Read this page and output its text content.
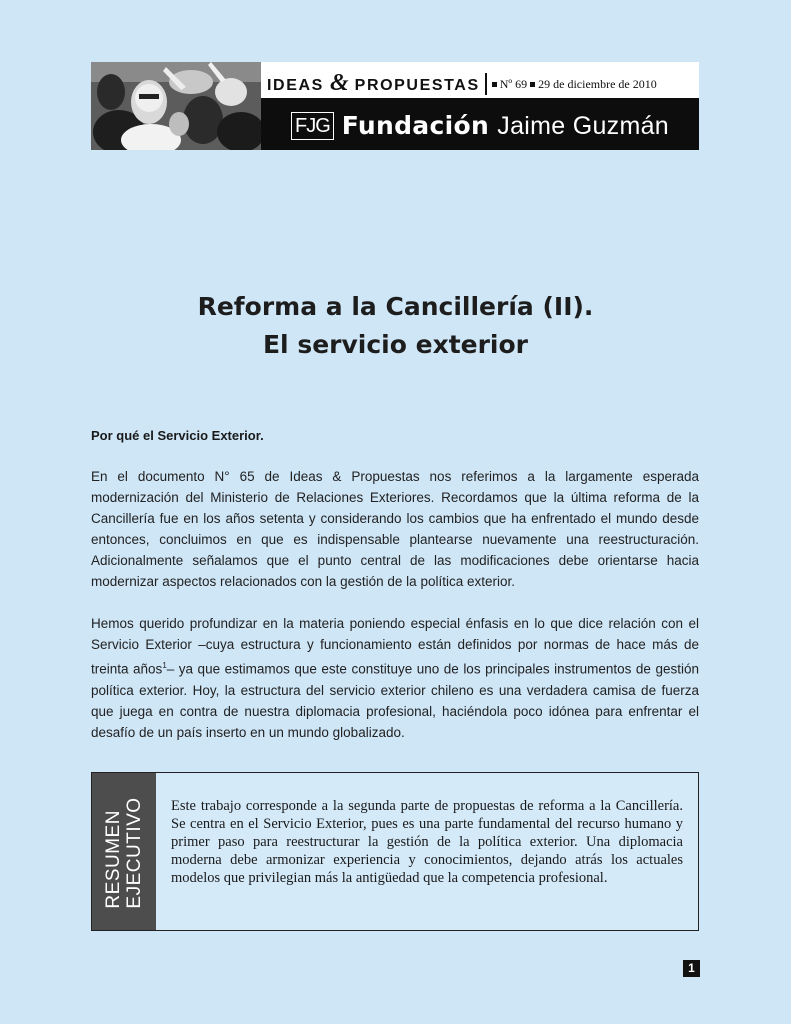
IDEAS & PROPUESTAS	Nº 69 29 de diciembre de 2010
FJG Fundación Jaime Guzmán
Reforma a la Cancillería (II).
El servicio exterior

Por qué el Servicio Exterior.

En el documento N° 65 de Ideas & Propuestas nos referimos a la largamente esperada modernización del Ministerio de Relaciones Exteriores. Recordamos que la última reforma de la Cancillería fue en los años setenta y considerando los cambios que ha enfrentado el mundo desde entonces, concluimos en que es indispensable plantearse nuevamente una reestructuración. Adicionalmente señalamos que el punto central de las modificaciones debe orientarse hacia modernizar aspectos relacionados con la gestión de la política exterior.

Hemos querido profundizar en la materia poniendo especial énfasis en lo que dice relación con el Servicio Exterior –cuya estructura y funcionamiento están definidos por normas de hace más de treinta años$^1$– ya que estimamos que este constituye uno de los principales instrumentos de gestión política exterior. Hoy, la estructura del servicio exterior chileno es una verdadera camisa de fuerza que juega en contra de nuestra diplomacia profesional, haciéndola poco idónea para enfrentar el desafío de un país inserto en un mundo globalizado.

RESUMEN EJECUTIVO Este trabajo corresponde a la segunda parte de propuestas de reforma a la Cancillería. Se centra en el Servicio Exterior, pues es una parte fundamental del recurso humano y primer paso para reestructurar la gestión de la política exterior. Una diplomacia moderna debe armonizar experiencia y conocimientos, dejando atrás los actuales modelos que privilegian más la antigüedad que la competencia profesional.
1
